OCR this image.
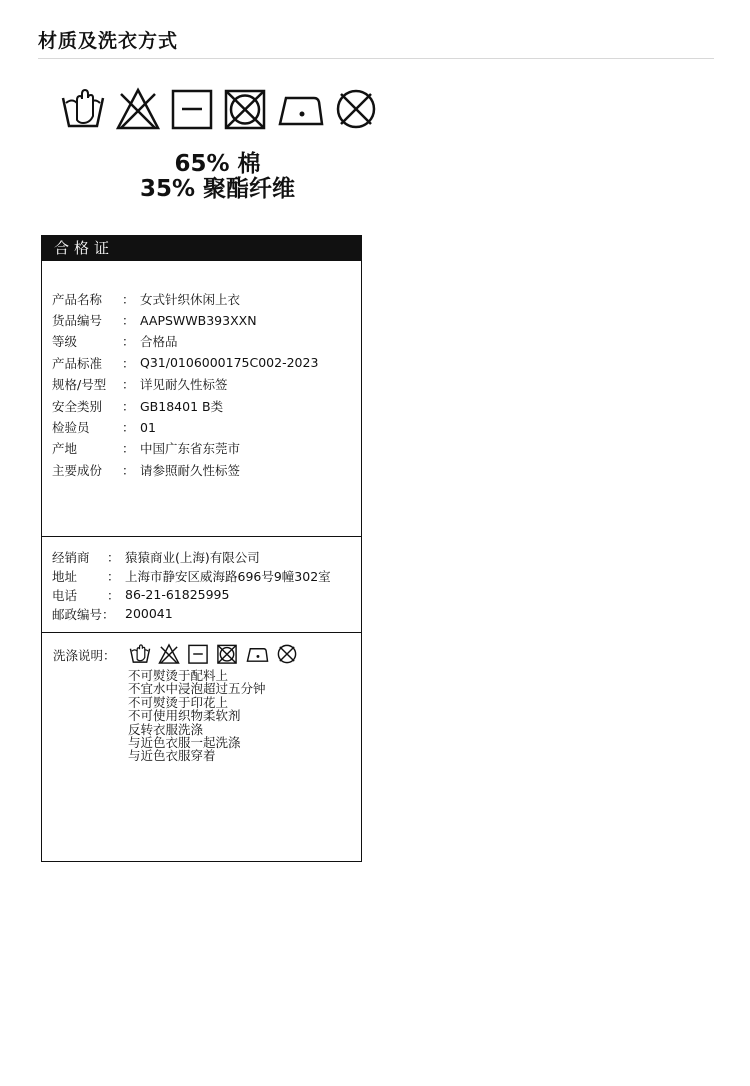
材质及洗衣方式
65% 棉
35% 聚酯纤维
合格证
产品名称	： 女式针织休闲上衣
货品编号	： AAPSWWB393XXN
等级	： 合格品
产品标准	： Q31/0106000175C002-2023
规格/号型	： 详见耐久性标签
安全类别	： GB18401 B类
检验员	： 01
产地	： 中国广东省东莞市
主要成份	： 请参照耐久性标签
经销商	： 猿猿商业(上海)有限公司
地址	： 上海市静安区威海路696号9幢302室
电话	： 86-21-61825995
邮政编号： 200041
洗涤说明：
不可熨烫于配料上
不宜水中浸泡超过五分钟
不可熨烫于印花上
不可使用织物柔软剂
反转衣服洗涤
与近色衣服一起洗涤
与近色衣服穿着
